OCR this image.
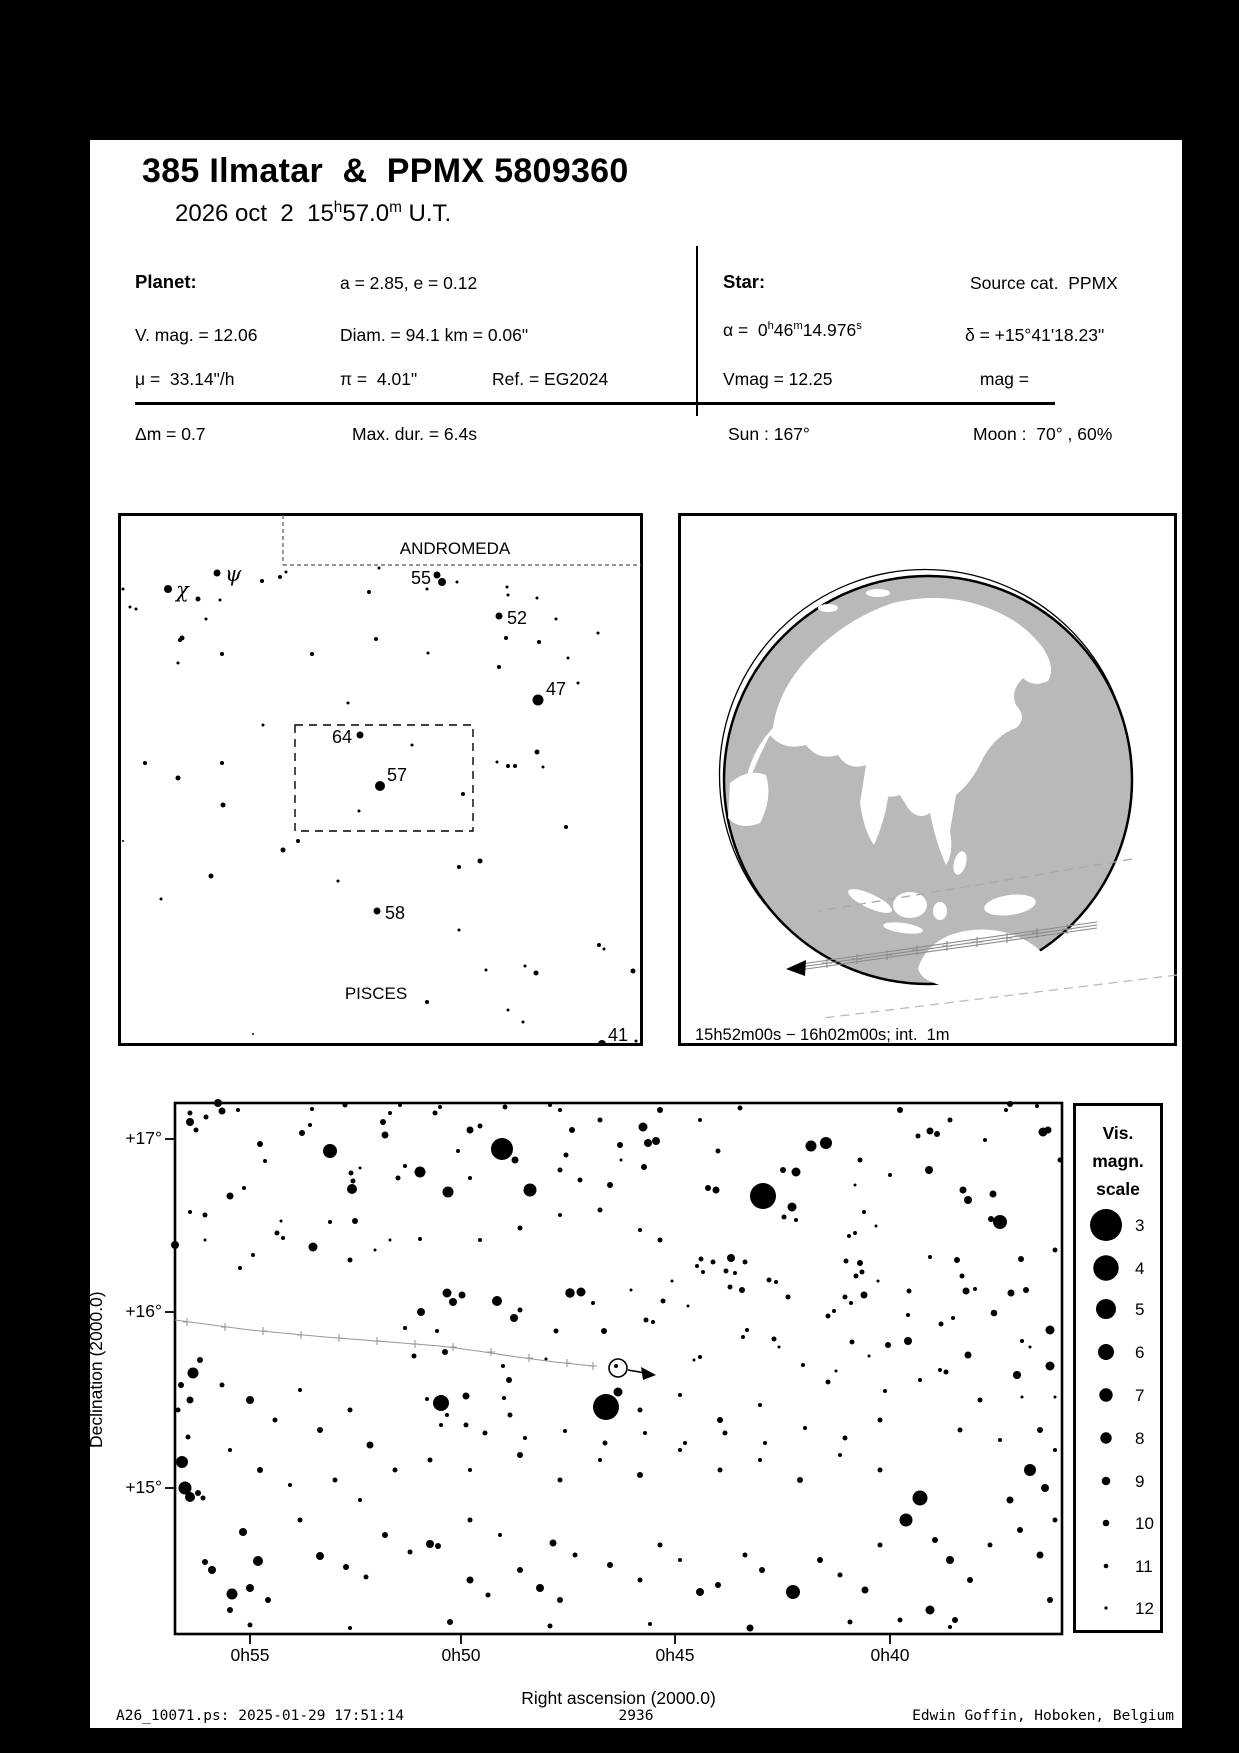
385 Ilmatar  &  PPMX 5809360
2026 oct  2  15$^h$57.0$^m$ U.T.
Planet:	a = 2.85, e = 0.12
V. mag. = 12.06	Diam. = 94.1 km = 0.06"
μ =  33.14"/h	π =  4.01"	Ref. = EG2024
Star:	Source cat.  PPMX
α =  0$^h$46$^m$14.976$^s$	δ = +15°41'18.23"
Vmag = 12.25	mag =
Δm = 0.7	Max. dur. = 6.4s	Sun : 167°	Moon :  70° , 60%
ANDROMEDA
PISCES
χ
ψ	55
52
47
64
57
58
41	15h52m00s − 16h02m00s; int.  1m
+17°
+16°
+15°
0h55	0h50	0h45	0h40
Declination (2000.0)
Right ascension (2000.0)
Vis.
magn.
scale
3
4
5
6
7
8
9
10
11
12
A26_10071.ps: 2025-01-29 17:51:14	2936	Edwin Goffin, Hoboken, Belgium
